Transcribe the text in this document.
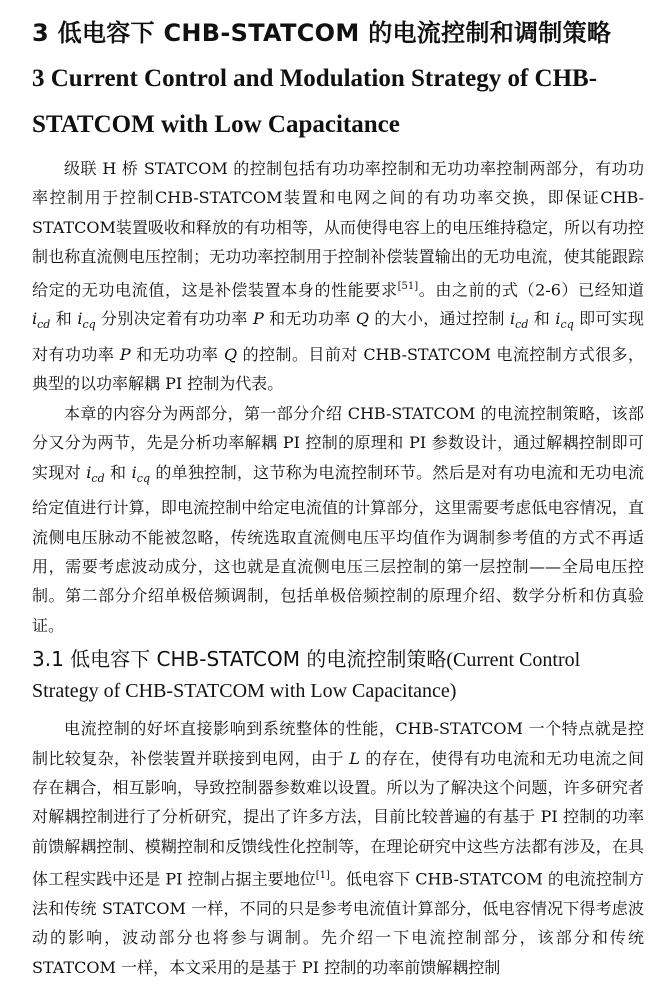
3 低电容下 CHB-STATCOM 的电流控制和调制策略
3 Current Control and Modulation Strategy of CHB-STATCOM with Low Capacitance

级联 H 桥 STATCOM 的控制包括有功功率控制和无功功率控制两部分，有功功率控制用于控制CHB-STATCOM装置和电网之间的有功功率交换，即保证CHB-STATCOM装置吸收和释放的有功相等，从而使得电容上的电压维持稳定，所以有功控制也称直流侧电压控制；无功功率控制用于控制补偿装置输出的无功电流，使其能跟踪给定的无功电流值，这是补偿装置本身的性能要求[51]。由之前的式（2-6）已经知道 $i_{cd}$ 和 $i_{cq}$ 分别决定着有功功率 P 和无功功率 Q 的大小，通过控制 $i_{cd}$ 和 $i_{cq}$ 即可实现对有功功率 P 和无功功率 Q 的控制。目前对 CHB-STATCOM 电流控制方式很多，典型的以功率解耦 PI 控制为代表。

本章的内容分为两部分，第一部分介绍 CHB-STATCOM 的电流控制策略，该部分又分为两节，先是分析功率解耦 PI 控制的原理和 PI 参数设计，通过解耦控制即可实现对 $i_{cd}$ 和 $i_{cq}$ 的单独控制，这节称为电流控制环节。然后是对有功电流和无功电流给定值进行计算，即电流控制中给定电流值的计算部分，这里需要考虑低电容情况，直流侧电压脉动不能被忽略，传统选取直流侧电压平均值作为调制参考值的方式不再适用，需要考虑波动成分，这也就是直流侧电压三层控制的第一层控制——全局电压控制。第二部分介绍单极倍频调制，包括单极倍频控制的原理介绍、数学分析和仿真验证。

3.1 低电容下 CHB-STATCOM 的电流控制策略(Current Control Strategy of CHB-STATCOM with Low Capacitance)

电流控制的好坏直接影响到系统整体的性能，CHB-STATCOM 一个特点就是控制比较复杂，补偿装置并联接到电网，由于 L 的存在，使得有功电流和无功电流之间存在耦合，相互影响，导致控制器参数难以设置。所以为了解决这个问题，许多研究者对解耦控制进行了分析研究，提出了许多方法，目前比较普遍的有基于 PI 控制的功率前馈解耦控制、模糊控制和反馈线性化控制等，在理论研究中这些方法都有涉及，在具体工程实践中还是 PI 控制占据主要地位[1]。低电容下 CHB-STATCOM 的电流控制方法和传统 STATCOM 一样，不同的只是参考电流值计算部分，低电容情况下得考虑波动的影响，波动部分也将参与调制。先介绍一下电流控制部分，该部分和传统 STATCOM 一样，本文采用的是基于 PI 控制的功率前馈解耦控制
